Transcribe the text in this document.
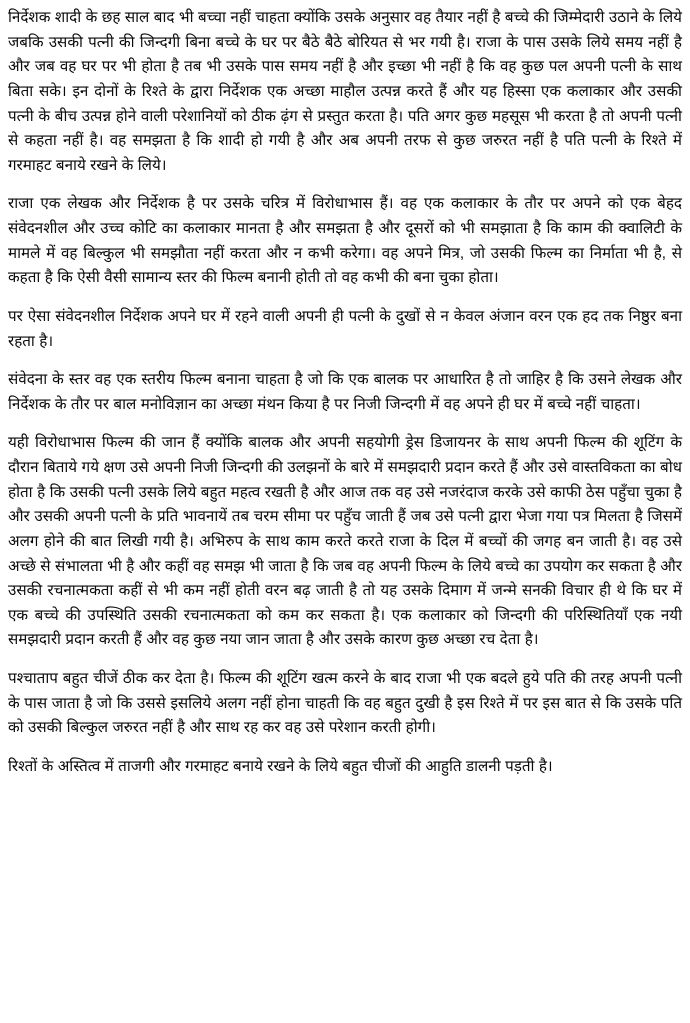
निर्देशक शादी के छह साल बाद भी बच्चा नहीं चाहता क्योंकि उसके अनुसार वह तैयार नहीं है बच्चे की जिम्मेदारी उठाने के लिये जबकि उसकी पत्नी की जिन्दगी बिना बच्चे के घर पर बैठे बैठे बोरियत से भर गयी है। राजा के पास उसके लिये समय नहीं है और जब वह घर पर भी होता है तब भी उसके पास समय नहीं है और इच्छा भी नहीं है कि वह कुछ पल अपनी पत्नी के साथ बिता सके। इन दोनों के रिश्ते के द्वारा निर्देशक एक अच्छा माहौल उत्पन्न करते हैं और यह हिस्सा एक कलाकार और उसकी पत्नी के बीच उत्पन्न होने वाली परेशानियों को ठीक ढ़ंग से प्रस्तुत करता है। पति अगर कुछ महसूस भी करता है तो अपनी पत्नी से कहता नहीं है। वह समझता है कि शादी हो गयी है और अब अपनी तरफ से कुछ जरुरत नहीं है पति पत्नी के रिश्ते में गरमाहट बनाये रखने के लिये।

राजा एक लेखक और निर्देशक है पर उसके चरित्र में विरोधाभास हैं। वह एक कलाकार के तौर पर अपने को एक बेहद संवेदनशील और उच्च कोटि का कलाकार मानता है और समझता है और दूसरों को भी समझाता है कि काम की क्वालिटी के मामले में वह बिल्कुल भी समझौता नहीं करता और न कभी करेगा। वह अपने मित्र, जो उसकी फिल्म का निर्माता भी है, से कहता है कि ऐसी वैसी सामान्य स्तर की फिल्म बनानी होती तो वह कभी की बना चुका होता।

पर ऐसा संवेदनशील निर्देशक अपने घर में रहने वाली अपनी ही पत्नी के दुखों से न केवल अंजान वरन एक हद तक निष्ठुर बना रहता है।

संवेदना के स्तर वह एक स्तरीय फिल्म बनाना चाहता है जो कि एक बालक पर आधारित है तो जाहिर है कि उसने लेखक और निर्देशक के तौर पर बाल मनोविज्ञान का अच्छा मंथन किया है पर निजी जिन्दगी में वह अपने ही घर में बच्चे नहीं चाहता।

यही विरोधाभास फिल्म की जान हैं क्योंकि बालक और अपनी सहयोगी ड्रेस डिजायनर के साथ अपनी फिल्म की शूटिंग के दौरान बिताये गये क्षण उसे अपनी निजी जिन्दगी की उलझनों के बारे में समझदारी प्रदान करते हैं और उसे वास्तविकता का बोध होता है कि उसकी पत्नी उसके लिये बहुत महत्व रखती है और आज तक वह उसे नजरंदाज करके उसे काफी ठेस पहुँचा चुका है और उसकी अपनी पत्नी के प्रति भावनायें तब चरम सीमा पर पहुँच जाती हैं जब उसे पत्नी द्वारा भेजा गया पत्र मिलता है जिसमें अलग होने की बात लिखी गयी है। अभिरुप के साथ काम करते करते राजा के दिल में बच्चों की जगह बन जाती है। वह उसे अच्छे से संभालता भी है और कहीं वह समझ भी जाता है कि जब वह अपनी फिल्म के लिये बच्चे का उपयोग कर सकता है और उसकी रचनात्मकता कहीं से भी कम नहीं होती वरन बढ़ जाती है तो यह उसके दिमाग में जन्मे सनकी विचार ही थे कि घर में एक बच्चे की उपस्थिति उसकी रचनात्मकता को कम कर सकता है। एक कलाकार को जिन्दगी की परिस्थितियाँ एक नयी समझदारी प्रदान करती हैं और वह कुछ नया जान जाता है और उसके कारण कुछ अच्छा रच देता है।

पश्चाताप बहुत चीजें ठीक कर देता है। फिल्म की शूटिंग खत्म करने के बाद राजा भी एक बदले हुये पति की तरह अपनी पत्नी के पास जाता है जो कि उससे इसलिये अलग नहीं होना चाहती कि वह बहुत दुखी है इस रिश्ते में पर इस बात से कि उसके पति को उसकी बिल्कुल जरुरत नहीं है और साथ रह कर वह उसे परेशान करती होगी।

रिश्तों के अस्तित्व में ताजगी और गरमाहट बनाये रखने के लिये बहुत चीजों की आहुति डालनी पड़ती है।
